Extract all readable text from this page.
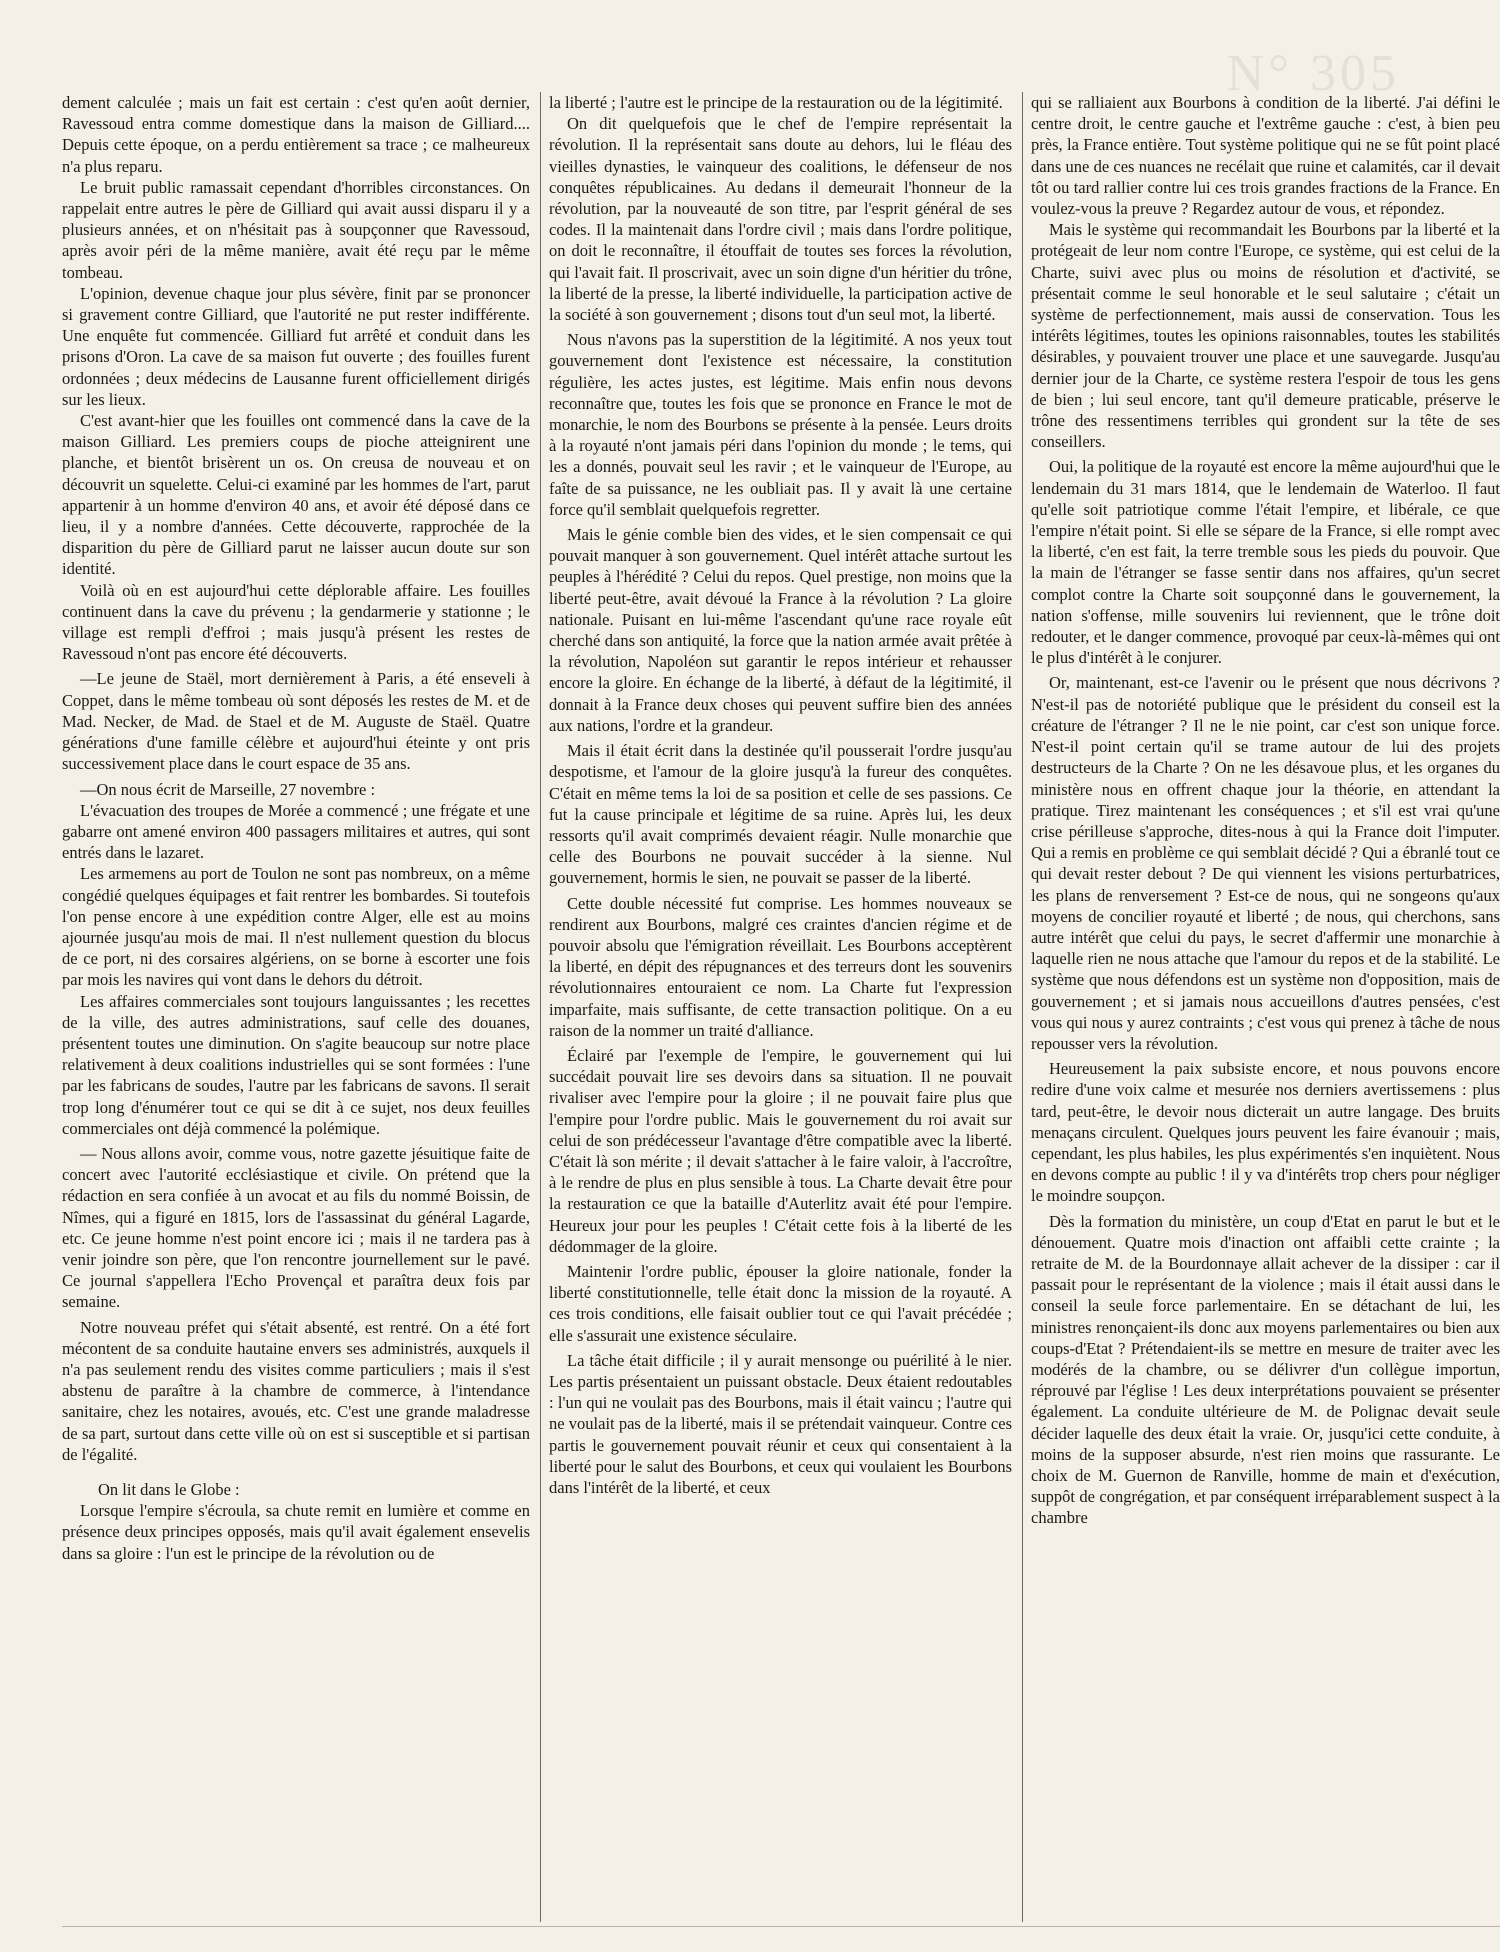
N° 305

dement calculée ; mais un fait est certain : c'est qu'en août dernier, Ravessoud entra comme domestique dans la maison de Gilliard.... Depuis cette époque, on a perdu entièrement sa trace ; ce malheureux n'a plus reparu.

Le bruit public ramassait cependant d'horribles circonstances. On rappelait entre autres le père de Gilliard qui avait aussi disparu il y a plusieurs années, et on n'hésitait pas à soupçonner que Ravessoud, après avoir péri de la même manière, avait été reçu par le même tombeau.

L'opinion, devenue chaque jour plus sévère, finit par se prononcer si gravement contre Gilliard, que l'autorité ne put rester indifférente. Une enquête fut commencée. Gilliard fut arrêté et conduit dans les prisons d'Oron. La cave de sa maison fut ouverte ; des fouilles furent ordonnées ; deux médecins de Lausanne furent officiellement dirigés sur les lieux.

C'est avant-hier que les fouilles ont commencé dans la cave de la maison Gilliard. Les premiers coups de pioche atteignirent une planche, et bientôt brisèrent un os. On creusa de nouveau et on découvrit un squelette. Celui-ci examiné par les hommes de l'art, parut appartenir à un homme d'environ 40 ans, et avoir été déposé dans ce lieu, il y a nombre d'années. Cette découverte, rapprochée de la disparition du père de Gilliard parut ne laisser aucun doute sur son identité.

Voilà où en est aujourd'hui cette déplorable affaire. Les fouilles continuent dans la cave du prévenu ; la gendarmerie y stationne ; le village est rempli d'effroi ; mais jusqu'à présent les restes de Ravessoud n'ont pas encore été découverts.

—Le jeune de Staël, mort dernièrement à Paris, a été enseveli à Coppet, dans le même tombeau où sont déposés les restes de M. et de Mad. Necker, de Mad. de Stael et de M. Auguste de Staël. Quatre générations d'une famille célèbre et aujourd'hui éteinte y ont pris successivement place dans le court espace de 35 ans.

—On nous écrit de Marseille, 27 novembre :

L'évacuation des troupes de Morée a commencé ; une frégate et une gabarre ont amené environ 400 passagers militaires et autres, qui sont entrés dans le lazaret.

Les armemens au port de Toulon ne sont pas nombreux, on a même congédié quelques équipages et fait rentrer les bombardes. Si toutefois l'on pense encore à une expédition contre Alger, elle est au moins ajournée jusqu'au mois de mai. Il n'est nullement question du blocus de ce port, ni des corsaires algériens, on se borne à escorter une fois par mois les navires qui vont dans le dehors du détroit.

Les affaires commerciales sont toujours languissantes ; les recettes de la ville, des autres administrations, sauf celle des douanes, présentent toutes une diminution. On s'agite beaucoup sur notre place relativement à deux coalitions industrielles qui se sont formées : l'une par les fabricans de soudes, l'autre par les fabricans de savons. Il serait trop long d'énumérer tout ce qui se dit à ce sujet, nos deux feuilles commerciales ont déjà commencé la polémique.

— Nous allons avoir, comme vous, notre gazette jésuitique faite de concert avec l'autorité ecclésiastique et civile. On prétend que la rédaction en sera confiée à un avocat et au fils du nommé Boissin, de Nîmes, qui a figuré en 1815, lors de l'assassinat du général Lagarde, etc. Ce jeune homme n'est point encore ici ; mais il ne tardera pas à venir joindre son père, que l'on rencontre journellement sur le pavé. Ce journal s'appellera l'Echo Provençal et paraîtra deux fois par semaine.

Notre nouveau préfet qui s'était absenté, est rentré. On a été fort mécontent de sa conduite hautaine envers ses administrés, auxquels il n'a pas seulement rendu des visites comme particuliers ; mais il s'est abstenu de paraître à la chambre de commerce, à l'intendance sanitaire, chez les notaires, avoués, etc. C'est une grande maladresse de sa part, surtout dans cette ville où on est si susceptible et si partisan de l'égalité.

On lit dans le Globe :

Lorsque l'empire s'écroula, sa chute remit en lumière et comme en présence deux principes opposés, mais qu'il avait également ensevelis dans sa gloire : l'un est le principe de la révolution ou de

la liberté ; l'autre est le principe de la restauration ou de la légitimité.

On dit quelquefois que le chef de l'empire représentait la révolution. Il la représentait sans doute au dehors, lui le fléau des vieilles dynasties, le vainqueur des coalitions, le défenseur de nos conquêtes républicaines. Au dedans il demeurait l'honneur de la révolution, par la nouveauté de son titre, par l'esprit général de ses codes. Il la maintenait dans l'ordre civil ; mais dans l'ordre politique, on doit le reconnaître, il étouffait de toutes ses forces la révolution, qui l'avait fait. Il proscrivait, avec un soin digne d'un héritier du trône, la liberté de la presse, la liberté individuelle, la participation active de la société à son gouvernement ; disons tout d'un seul mot, la liberté.

Nous n'avons pas la superstition de la légitimité. A nos yeux tout gouvernement dont l'existence est nécessaire, la constitution régulière, les actes justes, est légitime. Mais enfin nous devons reconnaître que, toutes les fois que se prononce en France le mot de monarchie, le nom des Bourbons se présente à la pensée. Leurs droits à la royauté n'ont jamais péri dans l'opinion du monde ; le tems, qui les a donnés, pouvait seul les ravir ; et le vainqueur de l'Europe, au faîte de sa puissance, ne les oubliait pas. Il y avait là une certaine force qu'il semblait quelquefois regretter.

Mais le génie comble bien des vides, et le sien compensait ce qui pouvait manquer à son gouvernement. Quel intérêt attache surtout les peuples à l'hérédité ? Celui du repos. Quel prestige, non moins que la liberté peut-être, avait dévoué la France à la révolution ? La gloire nationale. Puisant en lui-même l'ascendant qu'une race royale eût cherché dans son antiquité, la force que la nation armée avait prêtée à la révolution, Napoléon sut garantir le repos intérieur et rehausser encore la gloire. En échange de la liberté, à défaut de la légitimité, il donnait à la France deux choses qui peuvent suffire bien des années aux nations, l'ordre et la grandeur.

Mais il était écrit dans la destinée qu'il pousserait l'ordre jusqu'au despotisme, et l'amour de la gloire jusqu'à la fureur des conquêtes. C'était en même tems la loi de sa position et celle de ses passions. Ce fut la cause principale et légitime de sa ruine. Après lui, les deux ressorts qu'il avait comprimés devaient réagir. Nulle monarchie que celle des Bourbons ne pouvait succéder à la sienne. Nul gouvernement, hormis le sien, ne pouvait se passer de la liberté.

Cette double nécessité fut comprise. Les hommes nouveaux se rendirent aux Bourbons, malgré ces craintes d'ancien régime et de pouvoir absolu que l'émigration réveillait. Les Bourbons acceptèrent la liberté, en dépit des répugnances et des terreurs dont les souvenirs révolutionnaires entouraient ce nom. La Charte fut l'expression imparfaite, mais suffisante, de cette transaction politique. On a eu raison de la nommer un traité d'alliance.

Éclairé par l'exemple de l'empire, le gouvernement qui lui succédait pouvait lire ses devoirs dans sa situation. Il ne pouvait rivaliser avec l'empire pour la gloire ; il ne pouvait faire plus que l'empire pour l'ordre public. Mais le gouvernement du roi avait sur celui de son prédécesseur l'avantage d'être compatible avec la liberté. C'était là son mérite ; il devait s'attacher à le faire valoir, à l'accroître, à le rendre de plus en plus sensible à tous. La Charte devait être pour la restauration ce que la bataille d'Auterlitz avait été pour l'empire. Heureux jour pour les peuples ! C'était cette fois à la liberté de les dédommager de la gloire.

Maintenir l'ordre public, épouser la gloire nationale, fonder la liberté constitutionnelle, telle était donc la mission de la royauté. A ces trois conditions, elle faisait oublier tout ce qui l'avait précédée ; elle s'assurait une existence séculaire.

La tâche était difficile ; il y aurait mensonge ou puérilité à le nier. Les partis présentaient un puissant obstacle. Deux étaient redoutables : l'un qui ne voulait pas des Bourbons, mais il était vaincu ; l'autre qui ne voulait pas de la liberté, mais il se prétendait vainqueur. Contre ces partis le gouvernement pouvait réunir et ceux qui consentaient à la liberté pour le salut des Bourbons, et ceux qui voulaient les Bourbons dans l'intérêt de la liberté, et ceux

qui se ralliaient aux Bourbons à condition de la liberté. J'ai défini le centre droit, le centre gauche et l'extrême gauche : c'est, à bien peu près, la France entière. Tout système politique qui ne se fût point placé dans une de ces nuances ne recélait que ruine et calamités, car il devait tôt ou tard rallier contre lui ces trois grandes fractions de la France. En voulez-vous la preuve ? Regardez autour de vous, et répondez.

Mais le système qui recommandait les Bourbons par la liberté et la protégeait de leur nom contre l'Europe, ce système, qui est celui de la Charte, suivi avec plus ou moins de résolution et d'activité, se présentait comme le seul honorable et le seul salutaire ; c'était un système de perfectionnement, mais aussi de conservation. Tous les intérêts légitimes, toutes les opinions raisonnables, toutes les stabilités désirables, y pouvaient trouver une place et une sauvegarde. Jusqu'au dernier jour de la Charte, ce système restera l'espoir de tous les gens de bien ; lui seul encore, tant qu'il demeure praticable, préserve le trône des ressentimens terribles qui grondent sur la tête de ses conseillers.

Oui, la politique de la royauté est encore la même aujourd'hui que le lendemain du 31 mars 1814, que le lendemain de Waterloo. Il faut qu'elle soit patriotique comme l'était l'empire, et libérale, ce que l'empire n'était point. Si elle se sépare de la France, si elle rompt avec la liberté, c'en est fait, la terre tremble sous les pieds du pouvoir. Que la main de l'étranger se fasse sentir dans nos affaires, qu'un secret complot contre la Charte soit soupçonné dans le gouvernement, la nation s'offense, mille souvenirs lui reviennent, que le trône doit redouter, et le danger commence, provoqué par ceux-là-mêmes qui ont le plus d'intérêt à le conjurer.

Or, maintenant, est-ce l'avenir ou le présent que nous décrivons ? N'est-il pas de notoriété publique que le président du conseil est la créature de l'étranger ? Il ne le nie point, car c'est son unique force. N'est-il point certain qu'il se trame autour de lui des projets destructeurs de la Charte ? On ne les désavoue plus, et les organes du ministère nous en offrent chaque jour la théorie, en attendant la pratique. Tirez maintenant les conséquences ; et s'il est vrai qu'une crise périlleuse s'approche, dites-nous à qui la France doit l'imputer. Qui a remis en problème ce qui semblait décidé ? Qui a ébranlé tout ce qui devait rester debout ? De qui viennent les visions perturbatrices, les plans de renversement ? Est-ce de nous, qui ne songeons qu'aux moyens de concilier royauté et liberté ; de nous, qui cherchons, sans autre intérêt que celui du pays, le secret d'affermir une monarchie à laquelle rien ne nous attache que l'amour du repos et de la stabilité. Le système que nous défendons est un système non d'opposition, mais de gouvernement ; et si jamais nous accueillons d'autres pensées, c'est vous qui nous y aurez contraints ; c'est vous qui prenez à tâche de nous repousser vers la révolution.

Heureusement la paix subsiste encore, et nous pouvons encore redire d'une voix calme et mesurée nos derniers avertissemens : plus tard, peut-être, le devoir nous dicterait un autre langage. Des bruits menaçans circulent. Quelques jours peuvent les faire évanouir ; mais, cependant, les plus habiles, les plus expérimentés s'en inquiètent. Nous en devons compte au public ! il y va d'intérêts trop chers pour négliger le moindre soupçon.

Dès la formation du ministère, un coup d'Etat en parut le but et le dénouement. Quatre mois d'inaction ont affaibli cette crainte ; la retraite de M. de la Bourdonnaye allait achever de la dissiper : car il passait pour le représentant de la violence ; mais il était aussi dans le conseil la seule force parlementaire. En se détachant de lui, les ministres renonçaient-ils donc aux moyens parlementaires ou bien aux coups-d'Etat ? Prétendaient-ils se mettre en mesure de traiter avec les modérés de la chambre, ou se délivrer d'un collègue importun, réprouvé par l'église ! Les deux interprétations pouvaient se présenter également. La conduite ultérieure de M. de Polignac devait seule décider laquelle des deux était la vraie. Or, jusqu'ici cette conduite, à moins de la supposer absurde, n'est rien moins que rassurante. Le choix de M. Guernon de Ranville, homme de main et d'exécution, suppôt de congrégation, et par conséquent irréparablement suspect à la chambre
